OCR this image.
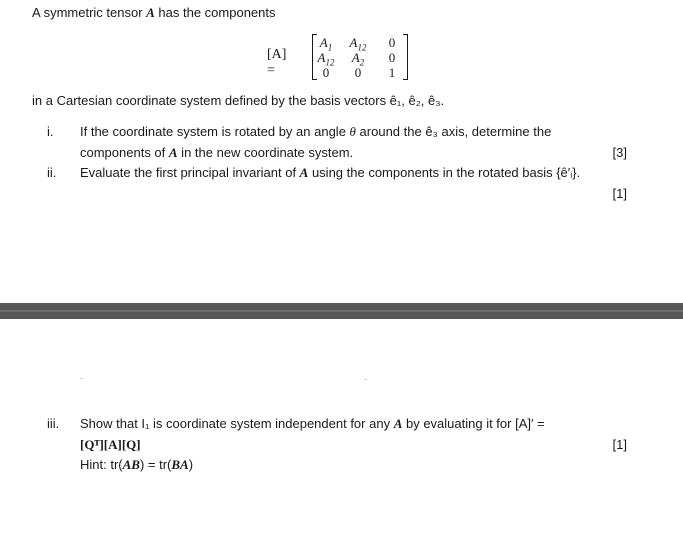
A symmetric tensor A has the components
[A] =
$A_1$	$A_{12}$	0
$A_{12}$	$A_2$	0
0	0	1
in a Cartesian coordinate system defined by the basis vectors ê₁, ê₂, ê₃.
i. If the coordinate system is rotated by an angle θ around the ê₃ axis, determine the
components of A in the new coordinate system.	[3]
ii. Evaluate the first principal invariant of A using the components in the rotated basis {ê′ᵢ}.
[1]
iii. Show that I₁ is coordinate system independent for any A by evaluating it for [A]′ =
[Qᵀ][A][Q]	[1]
Hint: tr(AB) = tr(BA)
